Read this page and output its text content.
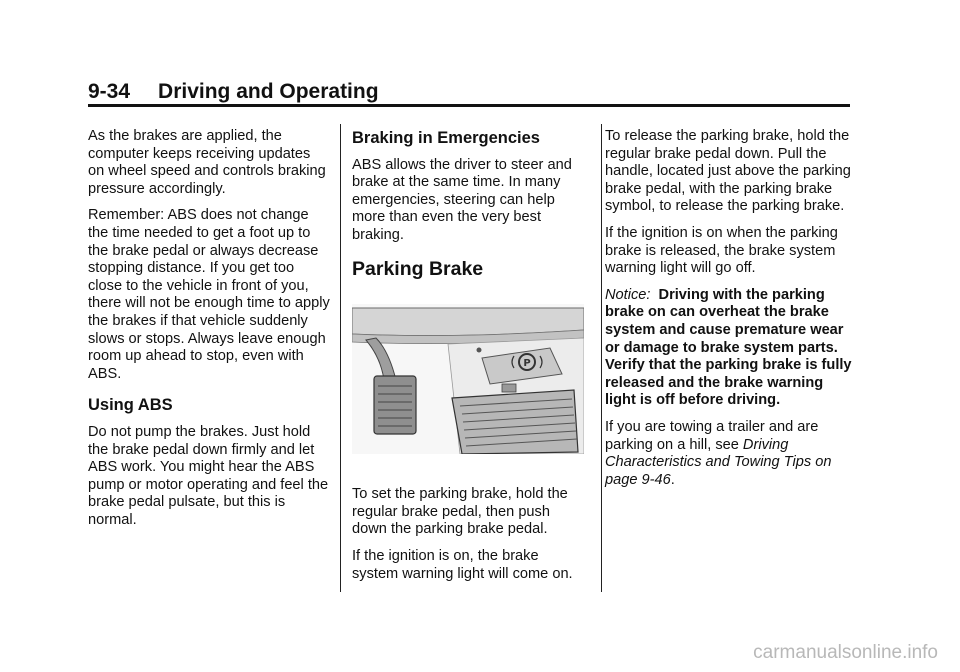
9-34 Driving and Operating

As the brakes are applied, the computer keeps receiving updates on wheel speed and controls braking pressure accordingly.

Remember: ABS does not change the time needed to get a foot up to the brake pedal or always decrease stopping distance. If you get too close to the vehicle in front of you, there will not be enough time to apply the brakes if that vehicle suddenly slows or stops. Always leave enough room up ahead to stop, even with ABS.

Using ABS

Do not pump the brakes. Just hold the brake pedal down firmly and let ABS work. You might hear the ABS pump or motor operating and feel the brake pedal pulsate, but this is normal.

Braking in Emergencies

ABS allows the driver to steer and brake at the same time. In many emergencies, steering can help more than even the very best braking.

Parking Brake
P

To set the parking brake, hold the regular brake pedal, then push down the parking brake pedal.

If the ignition is on, the brake system warning light will come on.

To release the parking brake, hold the regular brake pedal down. Pull the handle, located just above the parking brake pedal, with the parking brake symbol, to release the parking brake.

If the ignition is on when the parking brake is released, the brake system warning light will go off.

Notice: Driving with the parking brake on can overheat the brake system and cause premature wear or damage to brake system parts. Verify that the parking brake is fully released and the brake warning light is off before driving.

If you are towing a trailer and are parking on a hill, see Driving Characteristics and Towing Tips on page 9-46.

carmanualsonline.info
